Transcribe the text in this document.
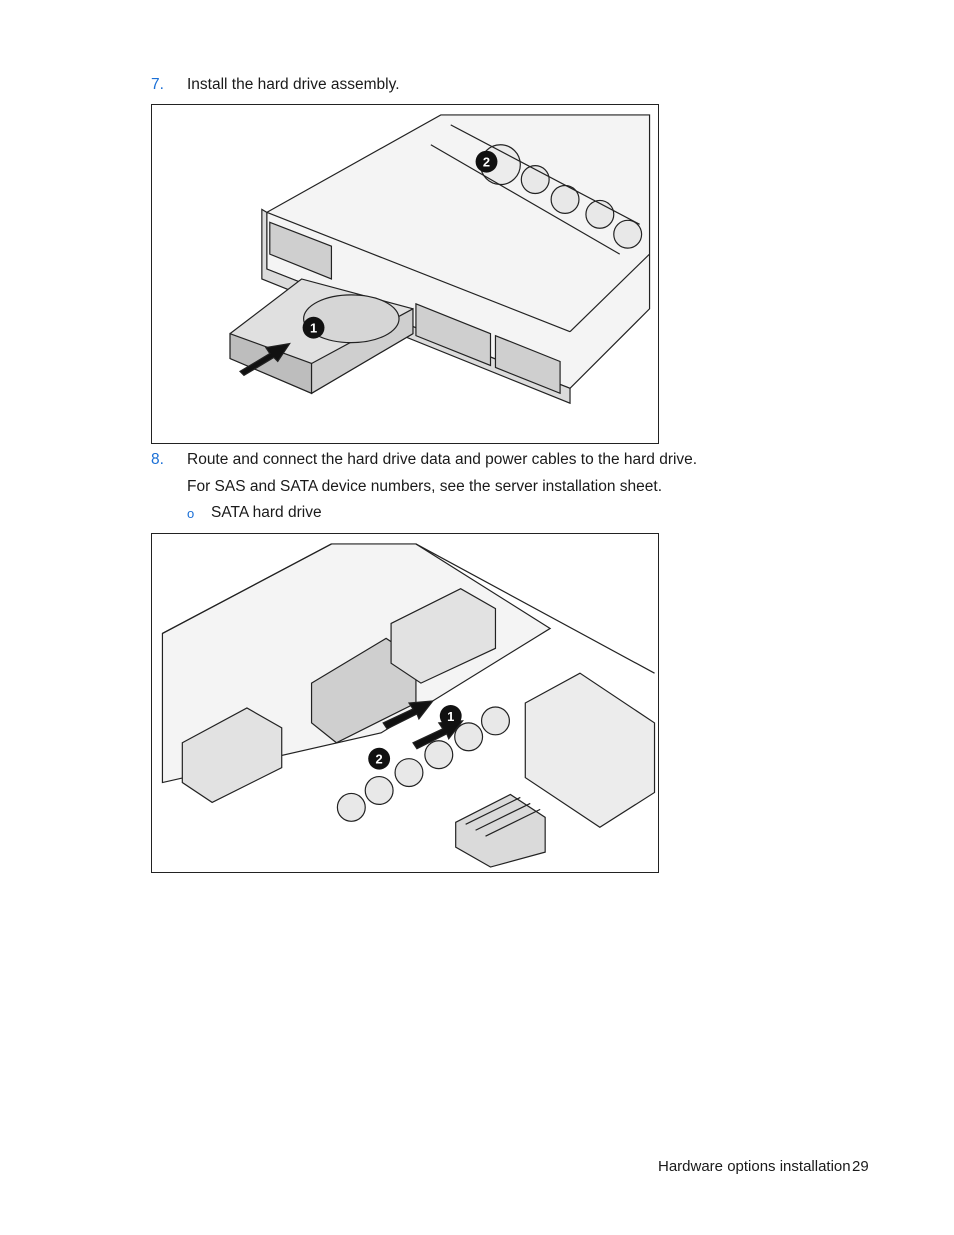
7. Install the hard drive assembly.
1
2
8. Route and connect the hard drive data and power cables to the hard drive.
For SAS and SATA device numbers, see the server installation sheet.
o SATA hard drive
1
2
Hardware options installation 29
